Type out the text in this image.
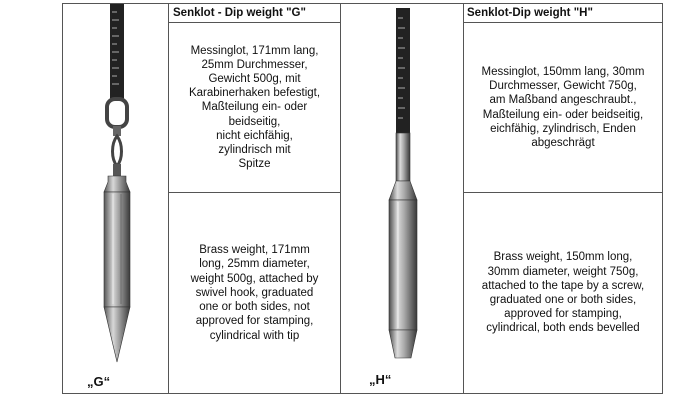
„G“
Senklot - Dip weight "G"
Messinglot, 171mm lang,
25mm Durchmesser,
Gewicht 500g, mit
Karabinerhaken befestigt,
Maßteilung ein- oder
beidseitig,
nicht eichfähig,
zylindrisch mit
Spitze
Brass weight, 171mm
long, 25mm diameter,
weight 500g, attached by
swivel hook, graduated
one or both sides, not
approved for stamping,
cylindrical with tip
„H“
Senklot-Dip weight "H"
Messinglot, 150mm lang, 30mm
Durchmesser, Gewicht 750g,
am Maßband angeschraubt.,
Maßteilung ein- oder beidseitig,
eichfähig, zylindrisch, Enden
abgeschrägt
Brass weight, 150mm long,
30mm diameter, weight 750g,
attached to the tape by a screw,
graduated one or both sides,
approved for stamping,
cylindrical, both ends bevelled
